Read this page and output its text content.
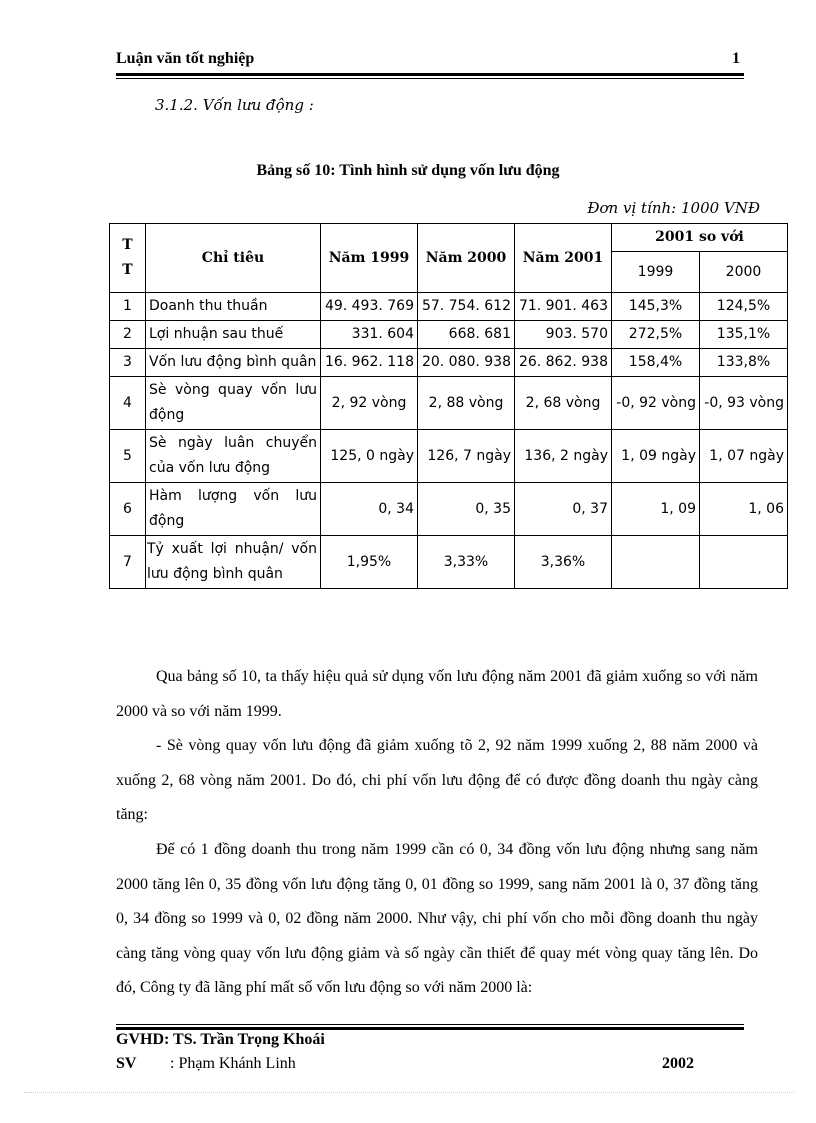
Luận văn tốt nghiệp	1
3.1.2. Vốn lưu động :
Bảng số 10: Tình hình sử dụng vốn lưu động
Đơn vị tính: 1000 VNĐ
T
T	Chỉ tiêu	Năm 1999	Năm 2000	Năm 2001	2001 so với	
					1999	2000
1	Doanh thu thuần	49. 493. 769	57. 754. 612	71. 901. 463	145,3%	124,5%
2	Lợi nhuận sau thuế	331. 604	668. 681	903. 570	272,5%	135,1%
3	Vốn lưu động bình quân	16. 962. 118	20. 080. 938	26. 862. 938	158,4%	133,8%
4	Sè vòng quay vốn lưu động	2, 92 vòng	2, 88 vòng	2, 68 vòng	-0, 92 vòng	-0, 93 vòng
5	Sè ngày luân chuyển của vốn lưu động	125, 0 ngày	126, 7 ngày	136, 2 ngày	1, 09 ngày	1, 07 ngày
6	Hàm lượng vốn lưu động	0, 34	0, 35	0, 37	1, 09	1, 06
7	Tỷ xuất lợi nhuận/ vốn lưu động bình quân	1,95%	3,33%	3,36%		

Qua bảng số 10, ta thấy hiệu quả sử dụng vốn lưu động năm 2001 đã giảm xuống so với năm 2000 và so với năm 1999.

- Sè vòng quay vốn lưu động đã giảm xuống tõ 2, 92 năm 1999 xuống 2, 88 năm 2000 và xuống 2, 68 vòng năm 2001. Do đó, chi phí vốn lưu động để có được đồng doanh thu ngày càng tăng:

Để có 1 đồng doanh thu trong năm 1999 cần có 0, 34 đồng vốn lưu động nhưng sang năm 2000 tăng lên 0, 35 đồng vốn lưu động tăng 0, 01 đồng so 1999, sang năm 2001 là 0, 37 đồng tăng 0, 34 đồng so 1999 và 0, 02 đồng năm 2000. Như vậy, chi phí vốn cho mỗi đồng doanh thu ngày càng tăng vòng quay vốn lưu động giảm và số ngày cần thiết để quay mét vòng quay tăng lên. Do đó, Công ty đã lãng phí mất số vốn lưu động so với năm 2000 là:

GVHD: TS. Trần Trọng Khoái
SV : Phạm Khánh Linh	2002
